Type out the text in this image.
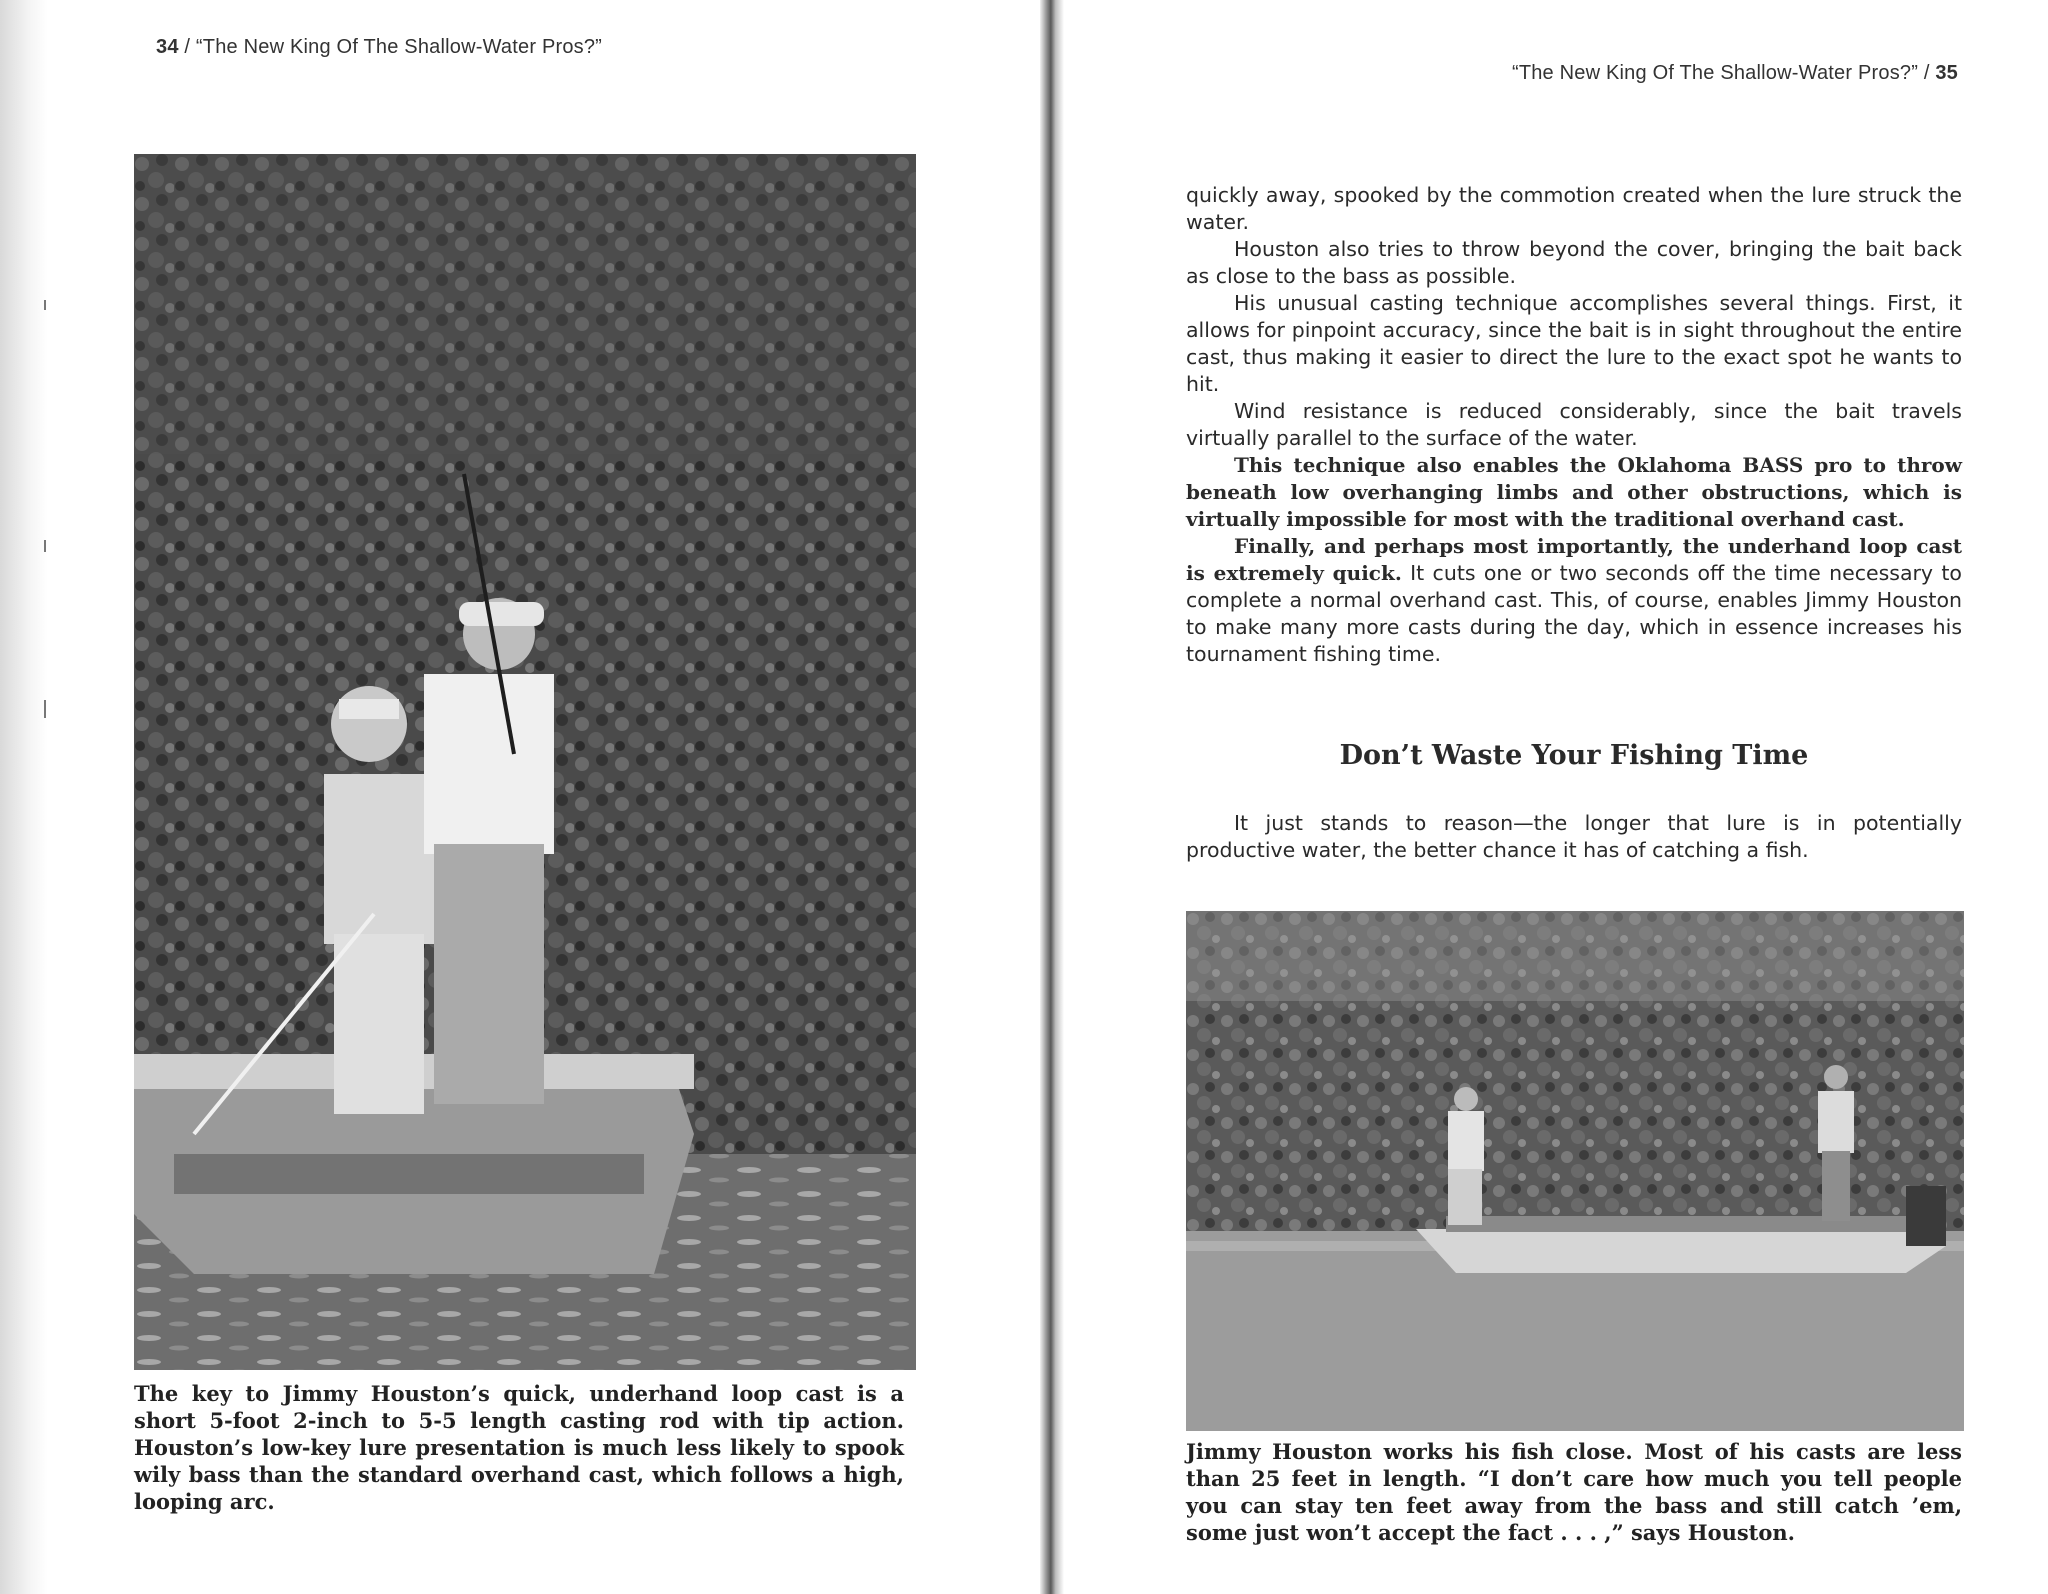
34 / “The New King Of The Shallow-Water Pros?”
The key to Jimmy Houston’s quick, underhand loop cast is a short 5-foot 2-inch to 5-5 length casting rod with tip action. Houston’s low-key lure presentation is much less likely to spook wily bass than the standard overhand cast, which follows a high, looping arc.
“The New King Of The Shallow-Water Pros?” / 35

quickly away, spooked by the commotion created when the lure struck the water.

Houston also tries to throw beyond the cover, bringing the bait back as close to the bass as possible.

His unusual casting technique accomplishes several things. First, it allows for pinpoint accuracy, since the bait is in sight throughout the entire cast, thus making it easier to direct the lure to the exact spot he wants to hit.

Wind resistance is reduced considerably, since the bait travels virtually parallel to the surface of the water.

This technique also enables the Oklahoma BASS pro to throw beneath low overhanging limbs and other obstructions, which is virtually impossible for most with the traditional overhand cast.

Finally, and perhaps most importantly, the underhand loop cast is extremely quick. It cuts one or two seconds off the time necessary to complete a normal overhand cast. This, of course, enables Jimmy Houston to make many more casts during the day, which in essence increases his tournament fishing time.

Don’t Waste Your Fishing Time

It just stands to reason—the longer that lure is in potentially productive water, the better chance it has of catching a fish.

Jimmy Houston works his fish close. Most of his casts are less than 25 feet in length. “I don’t care how much you tell people you can stay ten feet away from the bass and still catch ’em, some just won’t accept the fact . . . ,” says Houston.
